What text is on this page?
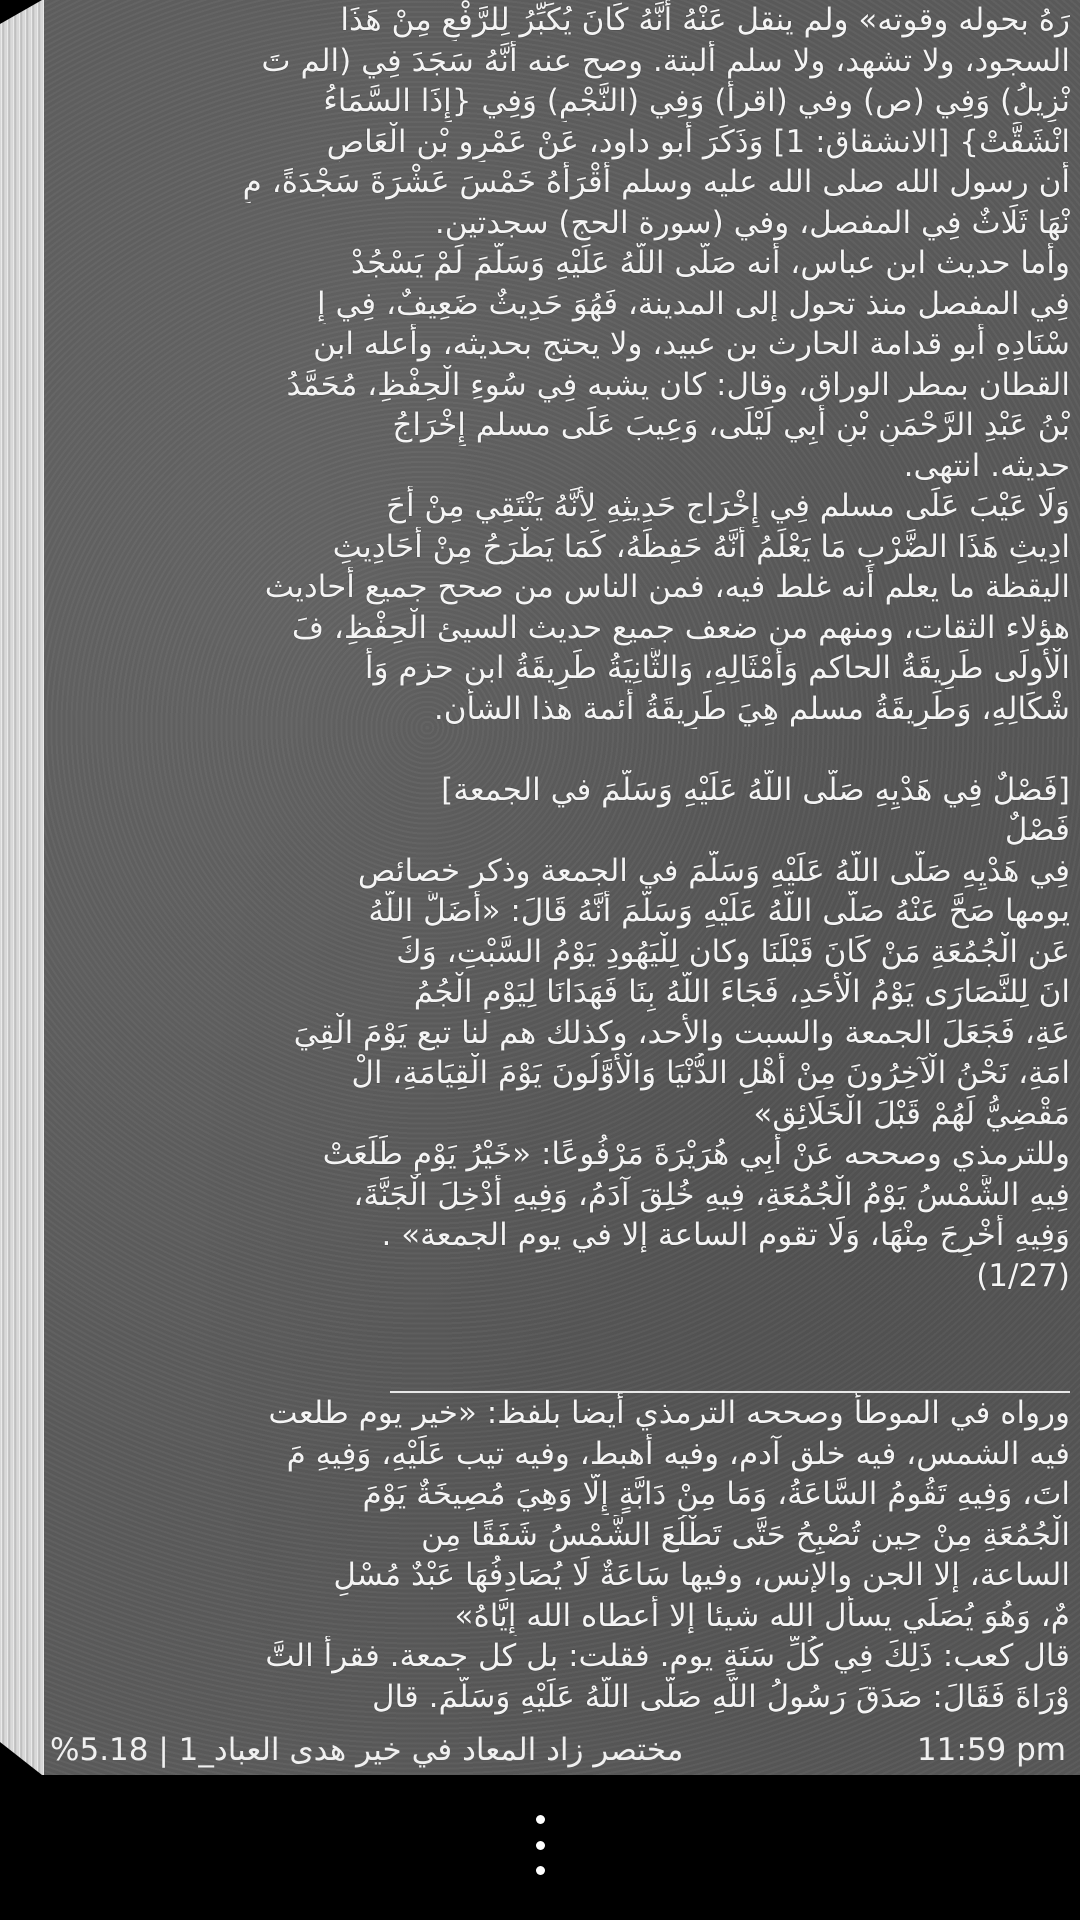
رَهُ بحوله وقوته» ولم ينقل عَنْهُ أَنَّهُ كَانَ يُكَبِّرُ لِلرَّفْعِ مِنْ هَذَا
السجود، ولا تشهد، ولا سلم ألبتة. وصح عنه أَنَّهُ سَجَدَ فِي (الم تَ
نْزِيلُ) وَفِي (ص) وفي (اقرأ) وَفِي (النَّجْمِ) وَفِي {إِذَا السَّمَاءُ
انْشَقَّتْ} [الانشقاق: 1] وَذَكَرَ أبو داود، عَنْ عَمْرِو بْنِ الْعَاصِ
أن رسول الله صلى الله عليه وسلم أَقْرَأَهُ خَمْسَ عَشْرَةَ سَجْدَةً، مِ
نْهَا ثَلَاثٌ فِي المفصل، وفي (سورة الحج) سجدتين.
وأما حديث ابن عباس، أنه صَلَّى اللَّهُ عَلَيْهِ وَسَلَّمَ لَمْ يَسْجُدْ
فِي المفصل منذ تحول إلى المدينة، فَهُوَ حَدِيثٌ ضَعِيفٌ، فِي إِ
سْنَادِهِ أبو قدامة الحارث بن عبيد، ولا يحتج بحديثه، وأعله ابن
القطان بمطر الوراق، وقال: كان يشبه فِي سُوءِ الْحِفْظِ، مُحَمَّدُ
بْنُ عَبْدِ الرَّحْمَنِ بْنِ أَبِي لَيْلَى، وَعِيبَ عَلَى مسلم إِخْرَاجُ
حديثه. انتهى.
وَلَا عَيْبَ عَلَى مسلم فِي إِخْرَاجِ حَدِيثِهِ لِأَنَّهُ يَنْتَقِي مِنْ أَحَ
ادِيثِ هَذَا الضَّرْبِ مَا يَعْلَمُ أَنَّهُ حَفِظَهُ، كَمَا يَطْرَحُ مِنْ أَحَادِيثِ
اليقظة ما يعلم أنه غلط فيه، فمن الناس من صحح جميع أحاديث
هؤلاء الثقات، ومنهم من ضعف جميع حديث السيئ الْحِفْظِ، فَ
الْأُولَى طَرِيقَةُ الحاكم وَأَمْثَالِهِ، وَالثَّانِيَةُ طَرِيقَةُ ابن حزم وَأَ
شْكَالِهِ، وَطَرِيقَةُ مسلم هِيَ طَرِيقَةُ أئمة هذا الشأن.
[فَصْلٌ فِي هَدْيِهِ صَلَّى اللَّهُ عَلَيْهِ وَسَلَّمَ في الجمعة]
فَصْلٌ
فِي هَدْيِهِ صَلَّى اللَّهُ عَلَيْهِ وَسَلَّمَ في الجمعة وذكر خصائص
يومها صَحَّ عَنْهُ صَلَّى اللَّهُ عَلَيْهِ وَسَلَّمَ أَنَّهُ قَالَ: «أَضَلَّ اللَّهُ
عَنِ الْجُمُعَةِ مَنْ كَانَ قَبْلَنَا وكان لِلْيَهُودِ يَوْمُ السَّبْتِ، وَكَ
انَ لِلنَّصَارَى يَوْمُ الْأَحَدِ، فَجَاءَ اللَّهُ بِنَا فَهَدَانَا لِيَوْمِ الْجُمُ
عَةِ، فَجَعَلَ الجمعة والسبت والأحد، وكذلك هم لنا تبع يَوْمَ الْقِيَ
امَةِ، نَحْنُ الْآخِرُونَ مِنْ أَهْلِ الدُّنْيَا وَالْأَوَّلُونَ يَوْمَ الْقِيَامَةِ، الْ
مَقْضِيُّ لَهُمْ قَبْلَ الْخَلَائِقِ»
وللترمذي وصححه عَنْ أَبِي هُرَيْرَةَ مَرْفُوعًا: «خَيْرُ يَوْمٍ طَلَعَتْ
فِيهِ الشَّمْسُ يَوْمُ الْجُمُعَةِ، فِيهِ خُلِقَ آدَمُ، وَفِيهِ أُدْخِلَ الْجَنَّةَ،
وَفِيهِ أُخْرِجَ مِنْهَا، وَلَا تقوم الساعة إلا في يوم الجمعة» .
(1/27)
ورواه في الموطأ وصححه الترمذي أيضا بلفظ: «خير يوم طلعت
فيه الشمس، فيه خلق آدم، وفيه أهبط، وفيه تيب عَلَيْهِ، وَفِيهِ مَ
اتَ، وَفِيهِ تَقُومُ السَّاعَةُ، وَمَا مِنْ دَابَّةٍ إِلَّا وَهِيَ مُصِيخَةٌ يَوْمَ
الْجُمُعَةِ مِنْ حِينِ تُصْبِحُ حَتَّى تَطْلُعَ الشَّمْسُ شَفَقًا مِن
الساعة، إلا الجن والإنس، وفيها سَاعَةٌ لَا يُصَادِفُهَا عَبْدٌ مُسْلِ
مٌ، وَهُوَ يُصَلِّي يسأل الله شيئا إلا أعطاه الله إِيَّاهُ»
قال كعب: ذَلِكَ فِي كُلِّ سَنَةٍ يوم. فقلت: بل كل جمعة. فقرأ التَّ
وْرَاةَ فَقَالَ: صَدَقَ رَسُولُ اللَّهِ صَلَّى اللَّهُ عَلَيْهِ وَسَلَّمَ. قال
مختصر زاد المعاد في خير هدى العباد_1 | 5.18%	11:59 pm
